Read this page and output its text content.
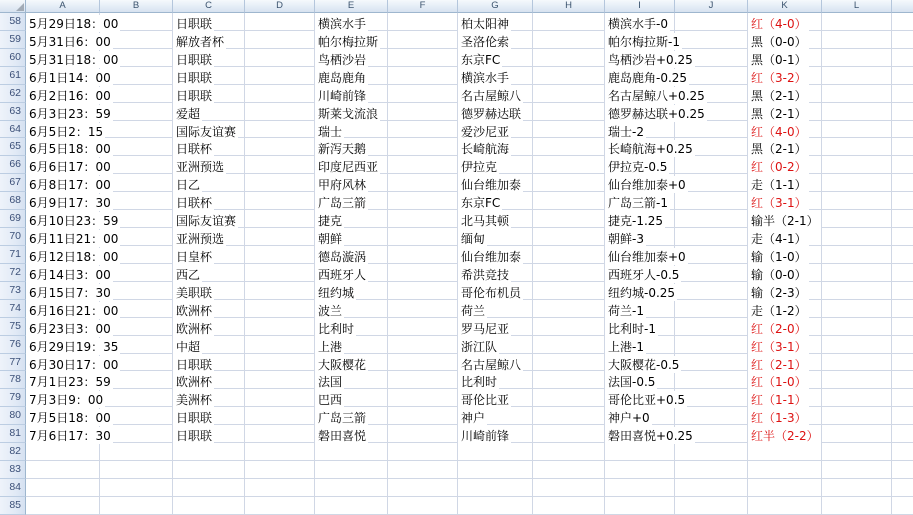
A	B	C	D	E	F	G	H	I	J	K	L
58 5月29日18：00	日职联	横滨水手	柏太阳神	横滨水手-0	红（4-0）
59 5月31日6：00	解放者杯	帕尔梅拉斯	圣洛伦索	帕尔梅拉斯-1	黑（0-0）
60 5月31日18：00	日职联	鸟栖沙岩	东京FC	鸟栖沙岩+0.25	黑（0-1）
61 6月1日14：00	日职联	鹿岛鹿角	横滨水手	鹿岛鹿角-0.25	红（3-2）
62 6月2日16：00	日职联	川崎前锋	名古屋鲸八	名古屋鲸八+0.25	黑（2-1）
63 6月3日23：59	爱超	斯莱戈流浪	德罗赫达联	德罗赫达联+0.25	黑（2-1）
64 6月5日2：15	国际友谊赛	瑞士	爱沙尼亚	瑞士-2	红（4-0）
65 6月5日18：00	日联杯	新泻天鹅	长崎航海	长崎航海+0.25	黑（2-1）
66 6月6日17：00	亚洲预选	印度尼西亚	伊拉克	伊拉克-0.5	红（0-2）
67 6月8日17：00	日乙	甲府风林	仙台维加泰	仙台维加泰+0	走（1-1）
68 6月9日17：30	日联杯	广岛三箭	东京FC	广岛三箭-1	红（3-1）
69 6月10日23：59	国际友谊赛	捷克	北马其顿	捷克-1.25	输半（2-1）
70 6月11日21：00	亚洲预选	朝鲜	缅甸	朝鲜-3	走（4-1）
71 6月12日18：00	日皇杯	德岛漩涡	仙台维加泰	仙台维加泰+0	输（1-0）
72 6月14日3：00	西乙	西班牙人	希洪竞技	西班牙人-0.5	输（0-0）
73 6月15日7：30	美职联	纽约城	哥伦布机员	纽约城-0.25	输（2-3）
74 6月16日21：00	欧洲杯	波兰	荷兰	荷兰-1	走（1-2）
75 6月23日3：00	欧洲杯	比利时	罗马尼亚	比利时-1	红（2-0）
76 6月29日19：35	中超	上港	浙江队	上港-1	红（3-1）
77 6月30日17：00	日职联	大阪樱花	名古屋鲸八	大阪樱花-0.5	红（2-1）
78 7月1日23：59	欧洲杯	法国	比利时	法国-0.5	红（1-0）
79 7月3日9：00	美洲杯	巴西	哥伦比亚	哥伦比亚+0.5	红（1-1）
80 7月5日18：00	日职联	广岛三箭	神户	神户+0	红（1-3）
81 7月6日17：30	日职联	磐田喜悦	川崎前锋	磐田喜悦+0.25	红半（2-2）
82
83
84
85
